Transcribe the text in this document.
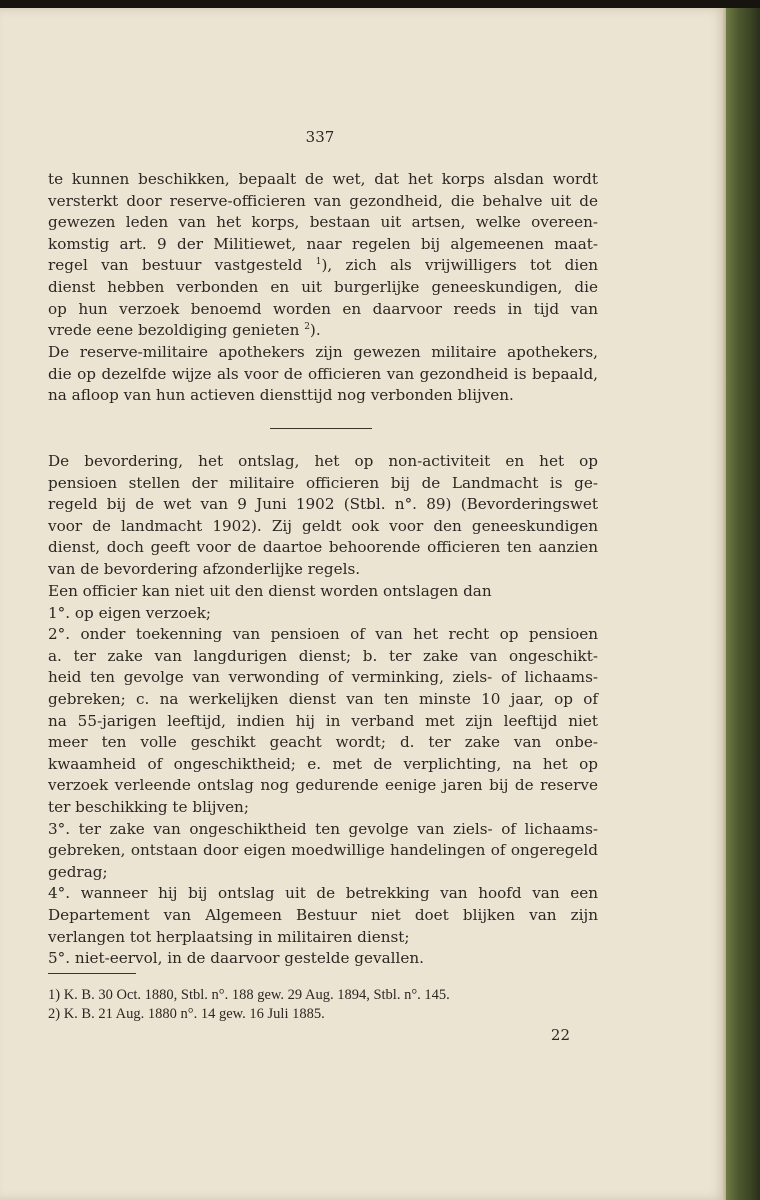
337
te kunnen beschikken, bepaalt de wet, dat het korps alsdan wordt
versterkt door reserve-officieren van gezondheid, die behalve uit de
gewezen leden van het korps, bestaan uit artsen, welke overeen-
komstig art. 9 der Militiewet, naar regelen bij algemeenen maat-
regel van bestuur vastgesteld $^1$), zich als vrijwilligers tot dien
dienst hebben verbonden en uit burgerlijke geneeskundigen, die
op hun verzoek benoemd worden en daarvoor reeds in tijd van
vrede eene bezoldiging genieten $^2$).
De reserve-militaire apothekers zijn gewezen militaire apothekers,
die op dezelfde wijze als voor de officieren van gezondheid is bepaald,
na afloop van hun actieven diensttijd nog verbonden blijven.
De bevordering, het ontslag, het op non-activiteit en het op
pensioen stellen der militaire officieren bij de Landmacht is ge-
regeld bij de wet van 9 Juni 1902 (Stbl. n°. 89) (Bevorderingswet
voor de landmacht 1902). Zij geldt ook voor den geneeskundigen
dienst, doch geeft voor de daartoe behoorende officieren ten aanzien
van de bevordering afzonderlijke regels.
Een officier kan niet uit den dienst worden ontslagen dan
1°. op eigen verzoek;
2°. onder toekenning van pensioen of van het recht op pensioen
a. ter zake van langdurigen dienst; b. ter zake van ongeschikt-
heid ten gevolge van verwonding of verminking, ziels- of lichaams-
gebreken; c. na werkelijken dienst van ten minste 10 jaar, op of
na 55-jarigen leeftijd, indien hij in verband met zijn leeftijd niet
meer ten volle geschikt geacht wordt; d. ter zake van onbe-
kwaamheid of ongeschiktheid; e. met de verplichting, na het op
verzoek verleende ontslag nog gedurende eenige jaren bij de reserve
ter beschikking te blijven;
3°. ter zake van ongeschiktheid ten gevolge van ziels- of lichaams-
gebreken, ontstaan door eigen moedwillige handelingen of ongeregeld
gedrag;
4°. wanneer hij bij ontslag uit de betrekking van hoofd van een
Departement van Algemeen Bestuur niet doet blijken van zijn
verlangen tot herplaatsing in militairen dienst;
5°. niet-eervol, in de daarvoor gestelde gevallen.
1) K. B. 30 Oct. 1880, Stbl. n°. 188 gew. 29 Aug. 1894, Stbl. n°. 145.
2) K. B. 21 Aug. 1880 n°. 14 gew. 16 Juli 1885.
22
